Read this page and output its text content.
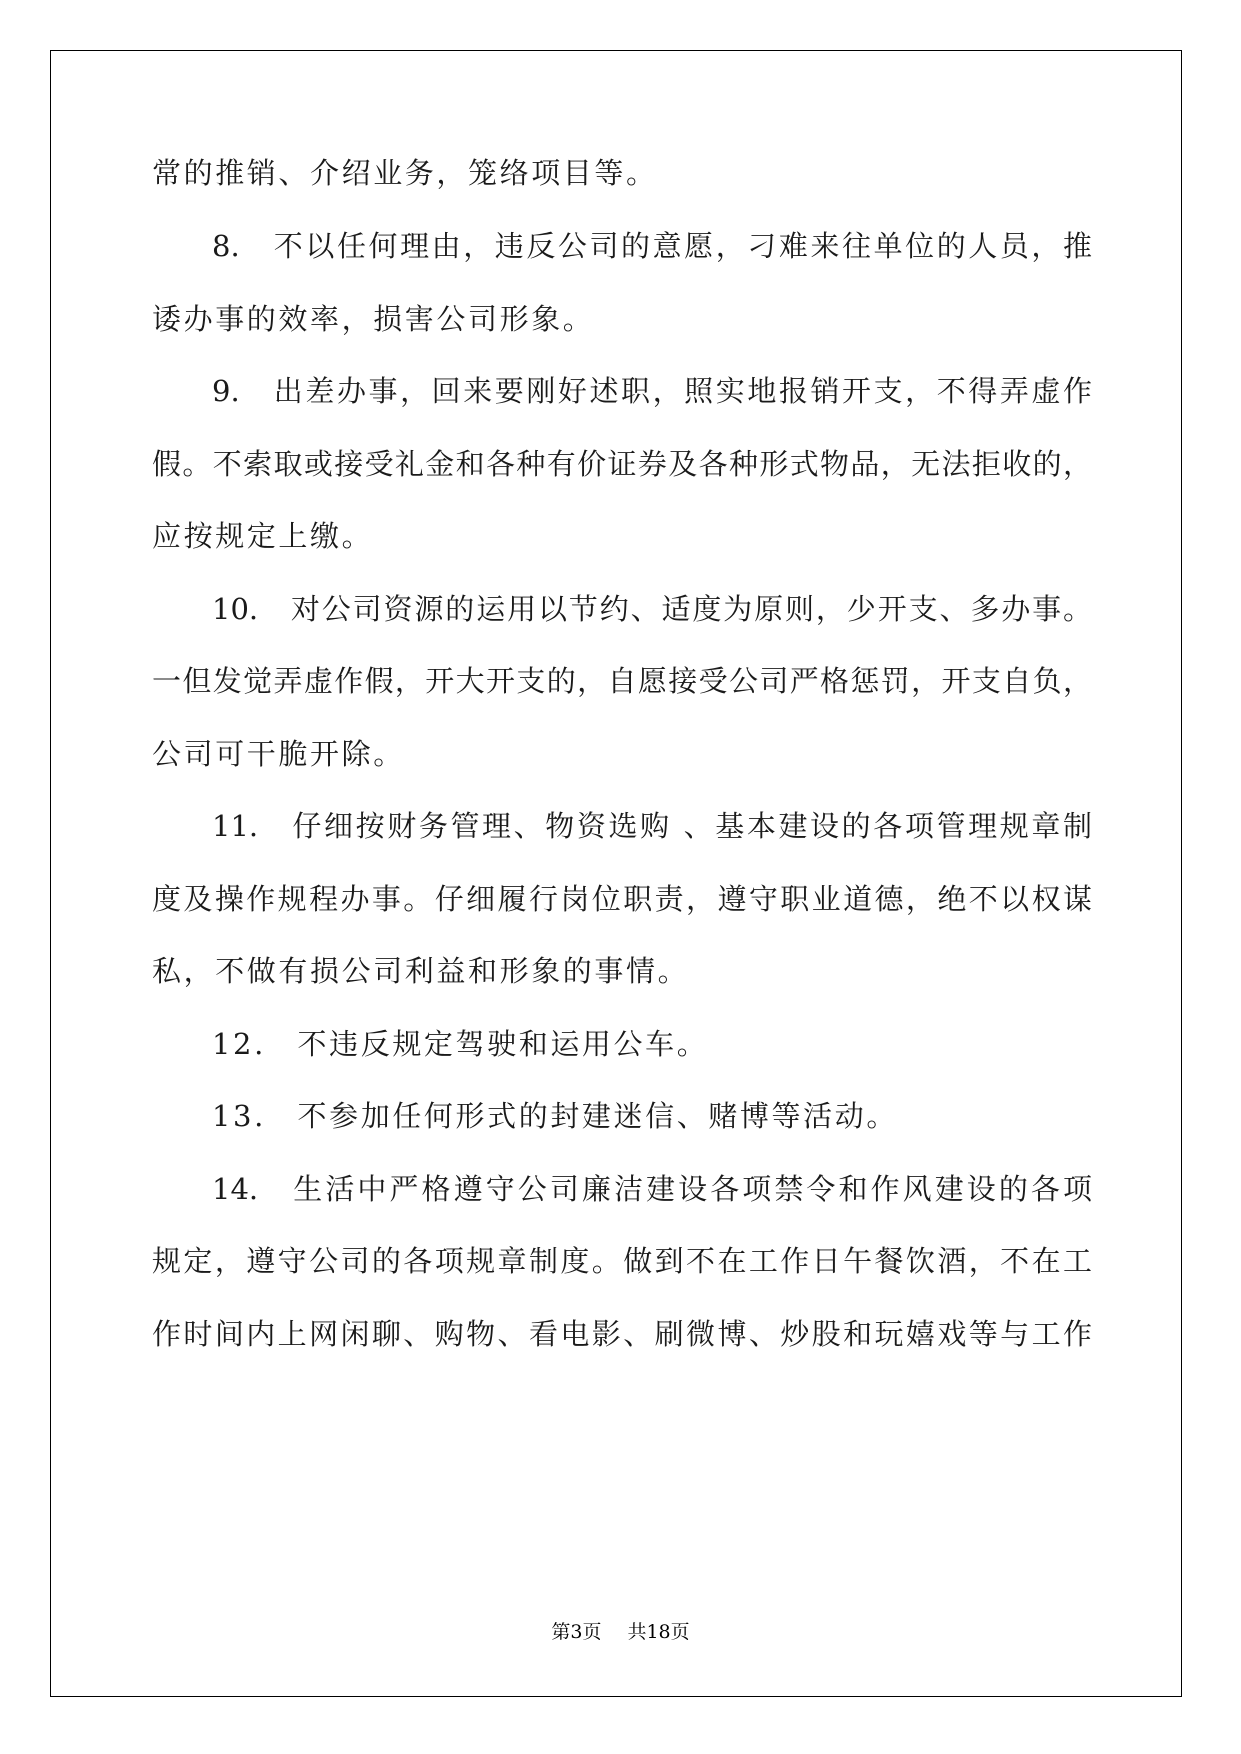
常的推销、介绍业务，笼络项目等。
8.　不以任何理由，违反公司的意愿，刁难来往单位的人员，推
诿办事的效率，损害公司形象。
9.　出差办事，回来要刚好述职，照实地报销开支，不得弄虚作
假。不索取或接受礼金和各种有价证券及各种形式物品，无法拒收的，
应按规定上缴。
10.　对公司资源的运用以节约、适度为原则，少开支、多办事。
一但发觉弄虚作假，开大开支的，自愿接受公司严格惩罚，开支自负，
公司可干脆开除。
11.　仔细按财务管理、物资选购 、基本建设的各项管理规章制
度及操作规程办事。仔细履行岗位职责，遵守职业道德，绝不以权谋
私，不做有损公司利益和形象的事情。
12.　不违反规定驾驶和运用公车。
13.　不参加任何形式的封建迷信、赌博等活动。
14.　生活中严格遵守公司廉洁建设各项禁令和作风建设的各项
规定，遵守公司的各项规章制度。做到不在工作日午餐饮酒，不在工
作时间内上网闲聊、购物、看电影、刷微博、炒股和玩嬉戏等与工作
第3页 共18页
